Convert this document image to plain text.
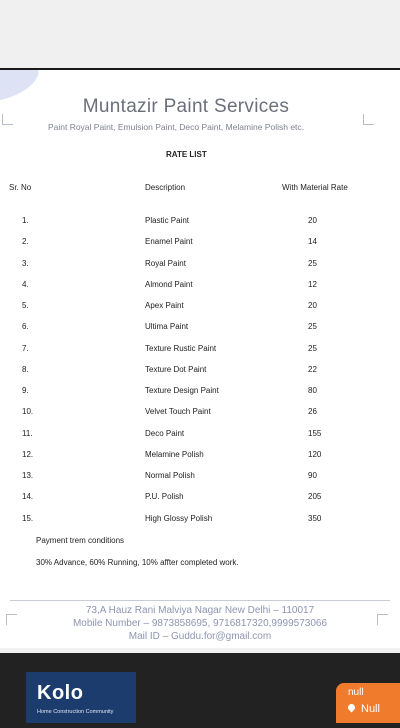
Muntazir Paint Services
Paint Royal Paint, Emulsion Paint, Deco Paint, Melamine Polish etc.
RATE LIST
Sr. No	Description	With Material Rate
1.	Plastic Paint	20
2.	Enamel Paint	14
3.	Royal Paint	25
4.	Almond Paint	12
5.	Apex Paint	20
6.	Ultima Paint	25
7.	Texture Rustic Paint	25
8.	Texture Dot Paint	22
9.	Texture Design Paint	80
10.	Velvet Touch Paint	26
11.	Deco Paint	155
12.	Melamine Polish	120
13.	Normal Polish	90
14.	P.U. Polish	205
15.	High Glossy Polish	350
Payment trem conditions
30% Advance, 60% Running, 10% affter completed work.
73,A Hauz Rani Malviya Nagar New Delhi – 110017
Mobile Number – 9873858695, 9716817320,9999573066
Mail ID – Guddu.for@gmail.com
Kolo
Home Construction Community
null
Null
